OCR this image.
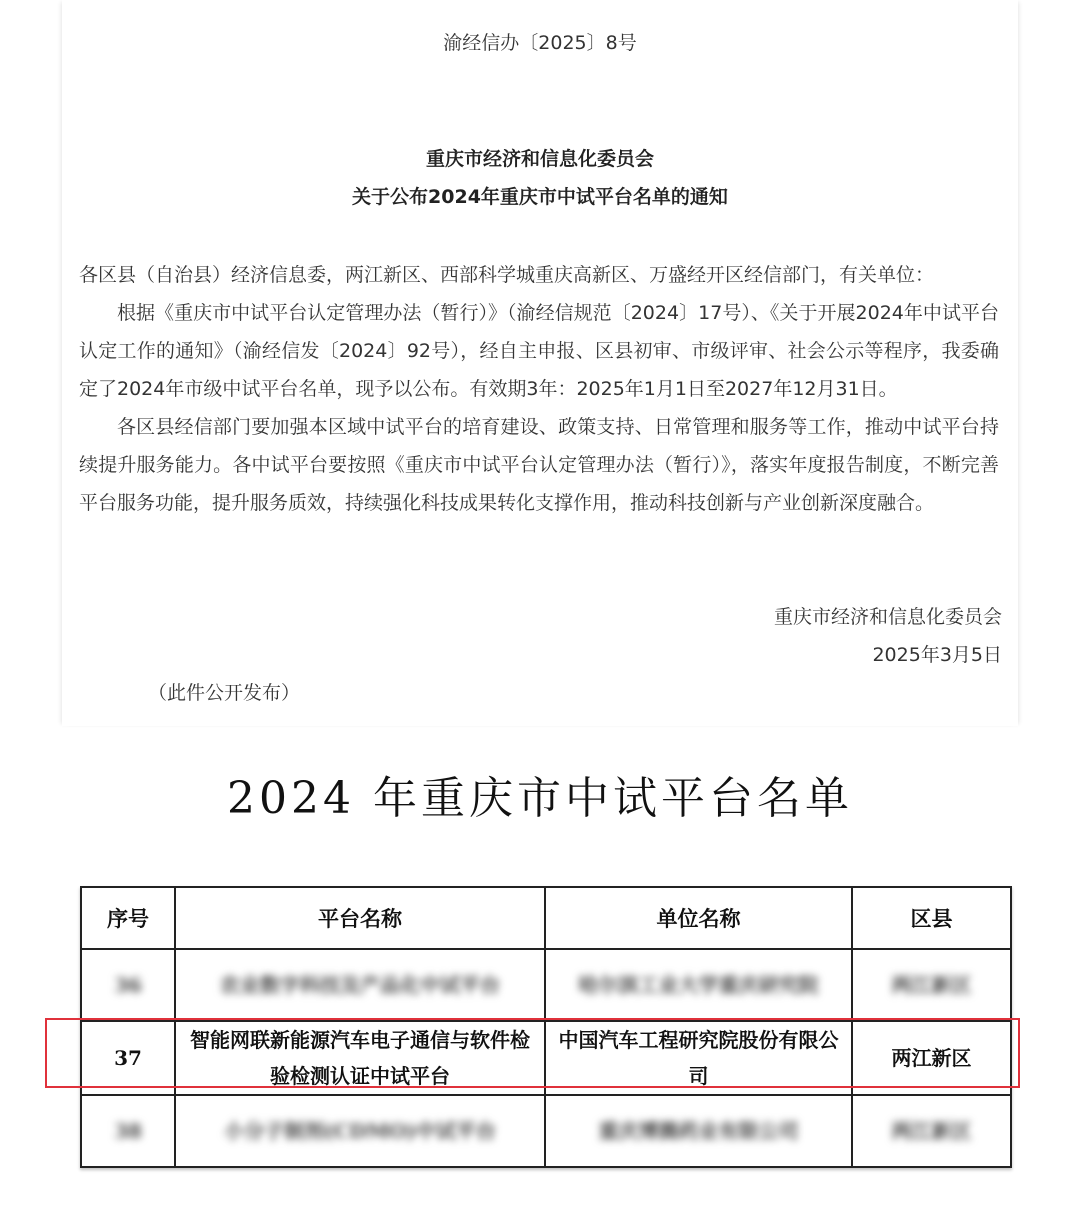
渝经信办〔2025〕8号
重庆市经济和信息化委员会
关于公布2024年重庆市中试平台名单的通知

各区县（自治县）经济信息委，两江新区、西部科学城重庆高新区、万盛经开区经信部门，有关单位：

根据《重庆市中试平台认定管理办法（暂行）》（渝经信规范〔2024〕17号）、《关于开展2024年中试平台认定工作的通知》（渝经信发〔2024〕92号），经自主申报、区县初审、市级评审、社会公示等程序，我委确定了2024年市级中试平台名单，现予以公布。有效期3年：2025年1月1日至2027年12月31日。

各区县经信部门要加强本区域中试平台的培育建设、政策支持、日常管理和服务等工作，推动中试平台持续提升服务能力。各中试平台要按照《重庆市中试平台认定管理办法（暂行）》，落实年度报告制度，不断完善平台服务功能，提升服务质效，持续强化科技成果转化支撑作用，推动科技创新与产业创新深度融合。

重庆市经济和信息化委员会
2025年3月5日
（此件公开发布）
2024 年重庆市中试平台名单
序号	平台名称	单位名称	区县
36	农业数字科技及产品化中试平台	哈尔滨工业大学重庆研究院	两江新区
37	智能网联新能源汽车电子通信与软件检验检测认证中试平台	中国汽车工程研究院股份有限公司	两江新区
38	小分子制剂(CDMO)中试平台	重庆博腾药业有限公司	两江新区
